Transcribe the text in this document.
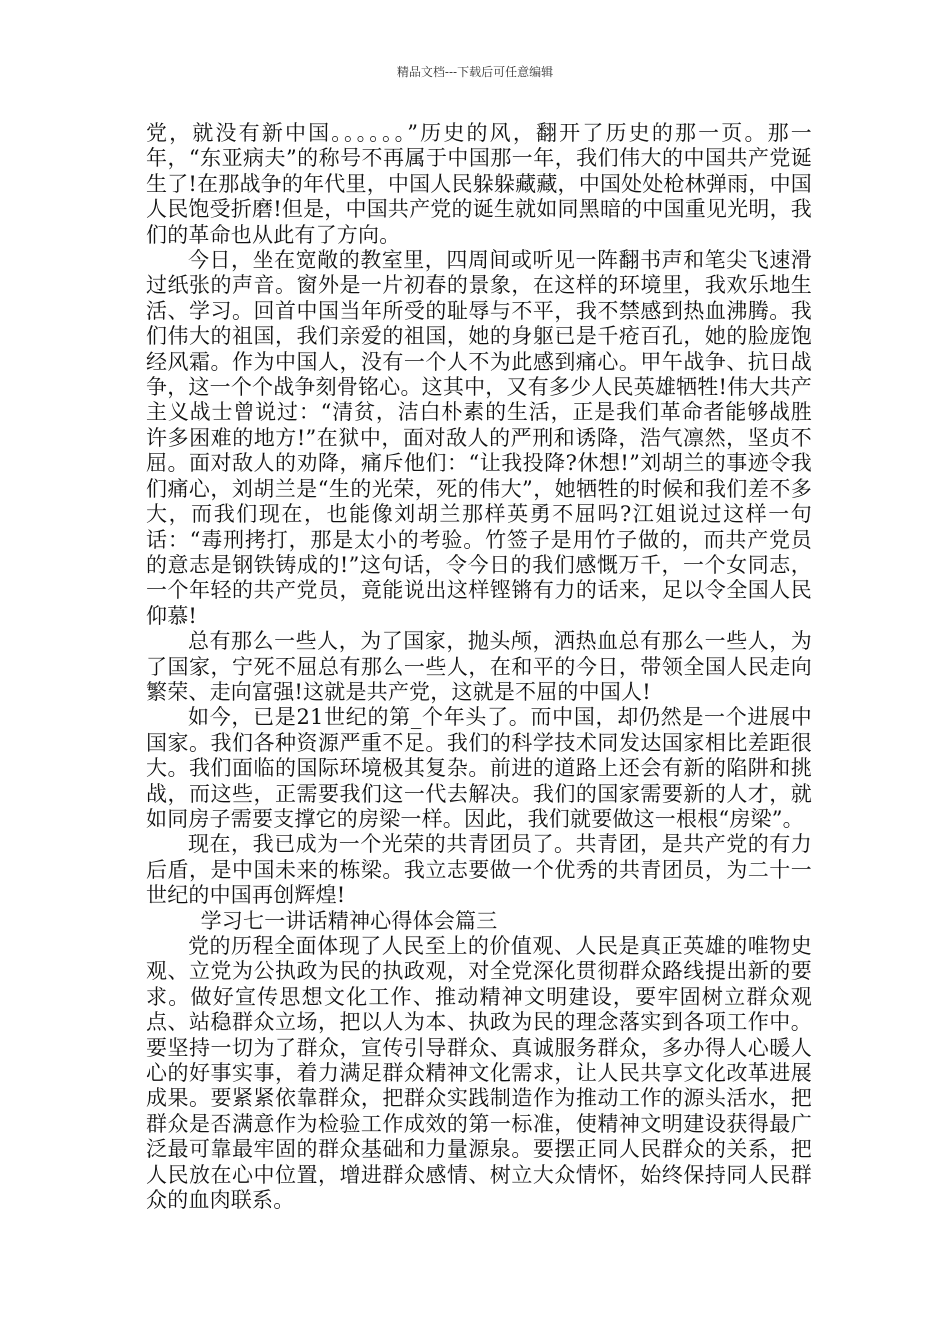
精品文档---下载后可任意编辑

党，就没有新中国。。。。。。”历史的风，翻开了历史的那一页。那一年，“东亚病夫”的称号不再属于中国那一年，我们伟大的中国共产党诞生了!在那战争的年代里，中国人民躲躲藏藏，中国处处枪林弹雨，中国人民饱受折磨!但是，中国共产党的诞生就如同黑暗的中国重见光明，我们的革命也从此有了方向。

今日，坐在宽敞的教室里，四周间或听见一阵翻书声和笔尖飞速滑过纸张的声音。窗外是一片初春的景象，在这样的环境里，我欢乐地生活、学习。回首中国当年所受的耻辱与不平，我不禁感到热血沸腾。我们伟大的祖国，我们亲爱的祖国，她的身躯已是千疮百孔，她的脸庞饱经风霜。作为中国人，没有一个人不为此感到痛心。甲午战争、抗日战争，这一个个战争刻骨铭心。这其中，又有多少人民英雄牺牲!伟大共产主义战士曾说过：“清贫，洁白朴素的生活，正是我们革命者能够战胜许多困难的地方!”在狱中，面对敌人的严刑和诱降，浩气凛然，坚贞不屈。面对敌人的劝降，痛斥他们：“让我投降?休想!”刘胡兰的事迹令我们痛心，刘胡兰是“生的光荣，死的伟大”，她牺牲的时候和我们差不多大，而我们现在，也能像刘胡兰那样英勇不屈吗?江姐说过这样一句话：“毒刑拷打，那是太小的考验。竹签子是用竹子做的，而共产党员的意志是钢铁铸成的!”这句话，令今日的我们感慨万千，一个女同志，一个年轻的共产党员，竟能说出这样铿锵有力的话来，足以令全国人民仰慕!

总有那么一些人，为了国家，抛头颅，洒热血总有那么一些人，为了国家，宁死不屈总有那么一些人，在和平的今日，带领全国人民走向繁荣、走向富强!这就是共产党，这就是不屈的中国人!

如今，已是21世纪的第_个年头了。而中国，却仍然是一个进展中国家。我们各种资源严重不足。我们的科学技术同发达国家相比差距很大。我们面临的国际环境极其复杂。前进的道路上还会有新的陷阱和挑战，而这些，正需要我们这一代去解决。我们的国家需要新的人才，就如同房子需要支撑它的房梁一样。因此，我们就要做这一根根“房梁”。

现在，我已成为一个光荣的共青团员了。共青团，是共产党的有力后盾，是中国未来的栋梁。我立志要做一个优秀的共青团员，为二十一世纪的中国再创辉煌!

学习七一讲话精神心得体会篇三

党的历程全面体现了人民至上的价值观、人民是真正英雄的唯物史观、立党为公执政为民的执政观，对全党深化贯彻群众路线提出新的要求。做好宣传思想文化工作、推动精神文明建设，要牢固树立群众观点、站稳群众立场，把以人为本、执政为民的理念落实到各项工作中。要坚持一切为了群众，宣传引导群众、真诚服务群众，多办得人心暖人心的好事实事，着力满足群众精神文化需求，让人民共享文化改革进展成果。要紧紧依靠群众，把群众实践制造作为推动工作的源头活水，把群众是否满意作为检验工作成效的第一标准，使精神文明建设获得最广泛最可靠最牢固的群众基础和力量源泉。要摆正同人民群众的关系，把人民放在心中位置，增进群众感情、树立大众情怀，始终保持同人民群众的血肉联系。
